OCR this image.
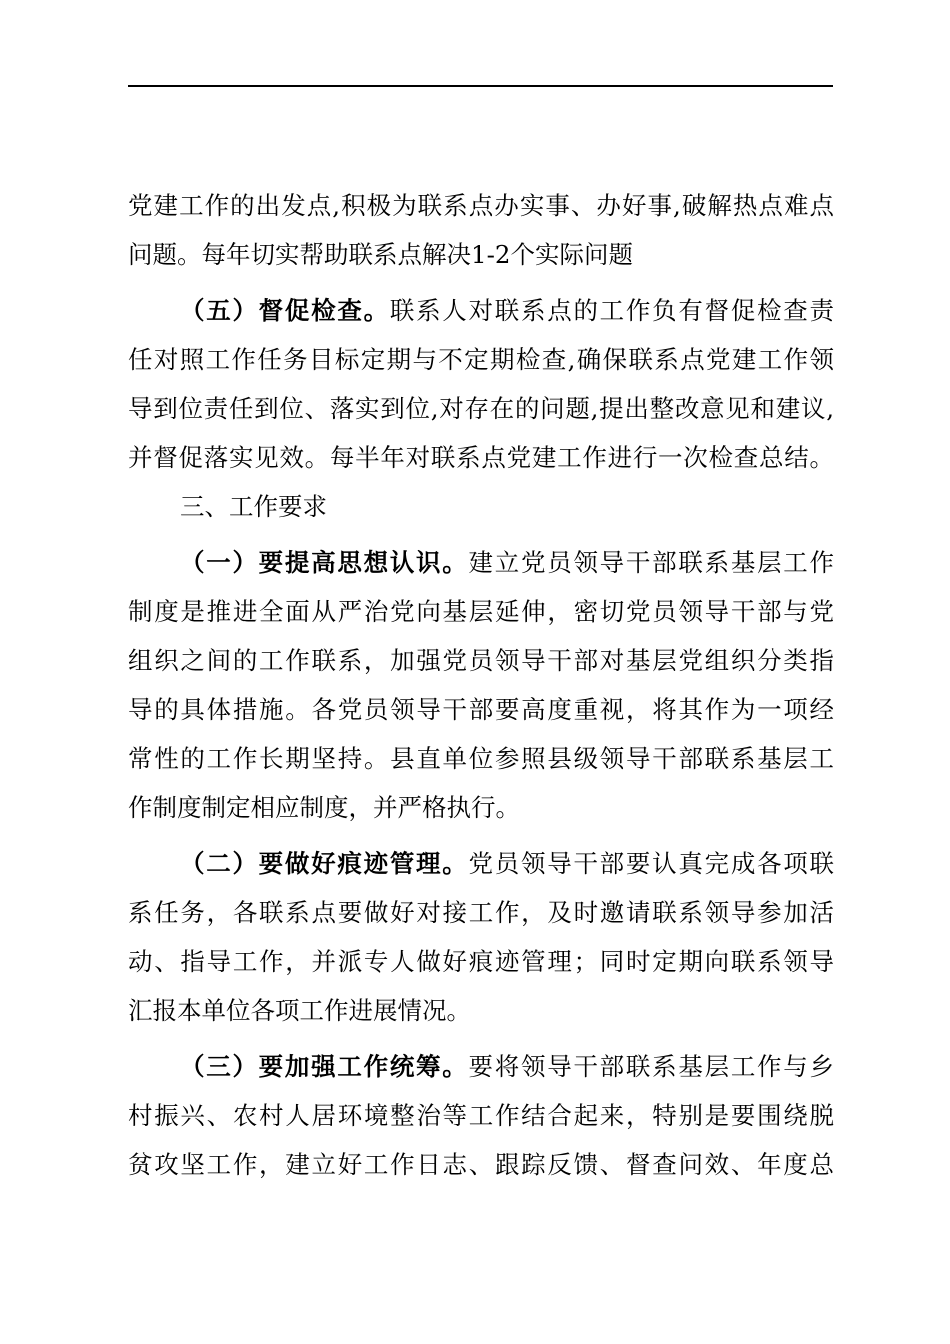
党建工作的出发点,积极为联系点办实事、办好事,破解热点难点
问题。每年切实帮助联系点解决1-2个实际问题
（五）督促检查。联系人对联系点的工作负有督促检查责
任对照工作任务目标定期与不定期检查,确保联系点党建工作领
导到位责任到位、落实到位,对存在的问题,提出整改意见和建议,
并督促落实见效。每半年对联系点党建工作进行一次检查总结。
三、工作要求
（一）要提高思想认识。建立党员领导干部联系基层工作
制度是推进全面从严治党向基层延伸，密切党员领导干部与党
组织之间的工作联系，加强党员领导干部对基层党组织分类指
导的具体措施。各党员领导干部要高度重视，将其作为一项经
常性的工作长期坚持。县直单位参照县级领导干部联系基层工
作制度制定相应制度，并严格执行。
（二）要做好痕迹管理。党员领导干部要认真完成各项联
系任务，各联系点要做好对接工作，及时邀请联系领导参加活
动、指导工作，并派专人做好痕迹管理；同时定期向联系领导
汇报本单位各项工作进展情况。
（三）要加强工作统筹。要将领导干部联系基层工作与乡
村振兴、农村人居环境整治等工作结合起来，特别是要围绕脱
贫攻坚工作，建立好工作日志、跟踪反馈、督查问效、年度总
